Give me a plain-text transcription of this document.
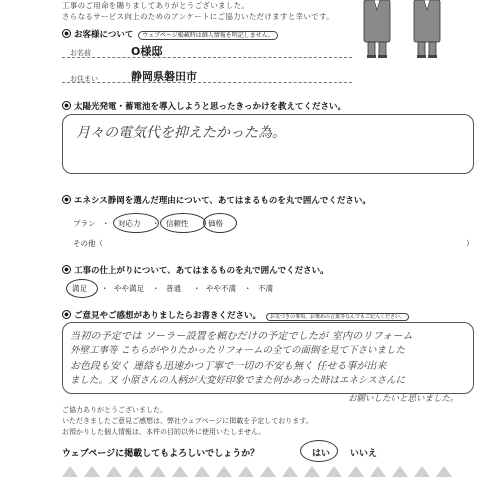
工事のご用命を賜りましてありがとうございました。
さらなるサービス向上のためのアンケートにご協力いただけますと幸いです。
お客様について ウェブページ掲載時は個人情報を明記しません。
お名前	O様邸
お住まい	静岡県磐田市
太陽光発電・蓄電池を導入しようと思ったきっかけを教えてください。
月々の電気代を抑えたかった為。
エネシス静岡を選んだ理由について、あてはまるものを丸で囲んでください。
プラン ・ 対応力 ・ 信頼性 ・ 価格
その他（	）
工事の仕上がりについて、あてはまるものを丸で囲んでください。
満足 ・ やや満足 ・ 普通 ・ やや不満 ・ 不満
ご意見やご感想がありましたらお書きください。 お気づきの事項、お褒めの言葉等なんでもご記入ください。
当初の予定では ソーラー設置を頼むだけの予定でしたが 室内のリフォーム
外壁工事等 こちらがやりたかったリフォームの全ての面倒を見て下さいました
お色段も安く 連絡も迅速かつ丁寧で一切の不安も無く 任せる事が出来
ました。又 小原さんの人柄が大変好印象でまた何かあった時はエネシスさんに
お願いしたいと思いました。
ご協力ありがとうございました。
いただきましたご意見ご感想は、弊社ウェブページに掲載を予定しております。
お預かりした個人情報は、本件の目的以外に使用いたしません。
ウェブページに掲載してもよろしいでしょうか？	はい いいえ
